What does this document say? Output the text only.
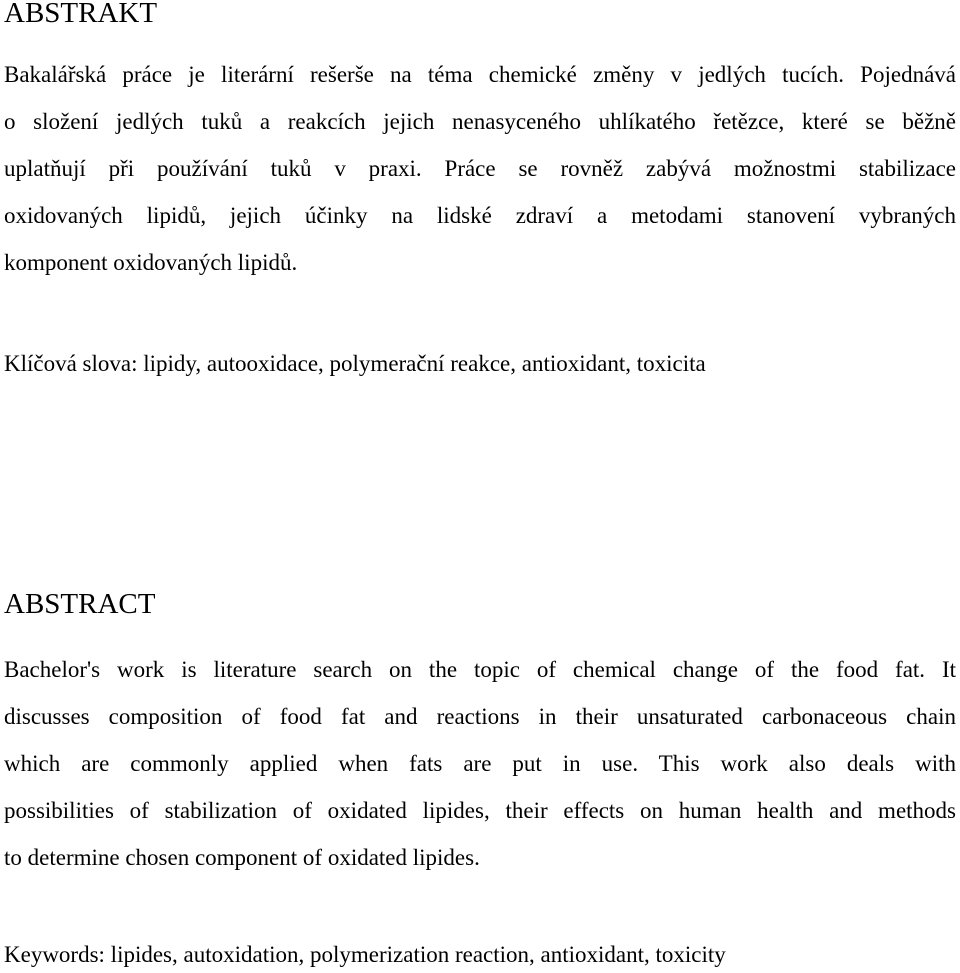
ABSTRAKT
Bakalářská práce je literární rešerše na téma chemické změny v jedlých tucích. Pojednává
o složení jedlých tuků a reakcích jejich nenasyceného uhlíkatého řetězce, které se běžně
uplatňují při používání tuků v praxi. Práce se rovněž zabývá možnostmi stabilizace
oxidovaných lipidů, jejich účinky na lidské zdraví a metodami stanovení vybraných
komponent oxidovaných lipidů.

Klíčová slova: lipidy, autooxidace, polymerační reakce, antioxidant, toxicita

ABSTRACT
Bachelor's work is literature search on the topic of chemical change of the food fat. It
discusses composition of food fat and reactions in their unsaturated carbonaceous chain
which are commonly applied when fats are put in use. This work also deals with
possibilities of stabilization of oxidated lipides, their effects on human health and methods
to determine chosen component of oxidated lipides.

Keywords: lipides, autoxidation, polymerization reaction, antioxidant, toxicity
